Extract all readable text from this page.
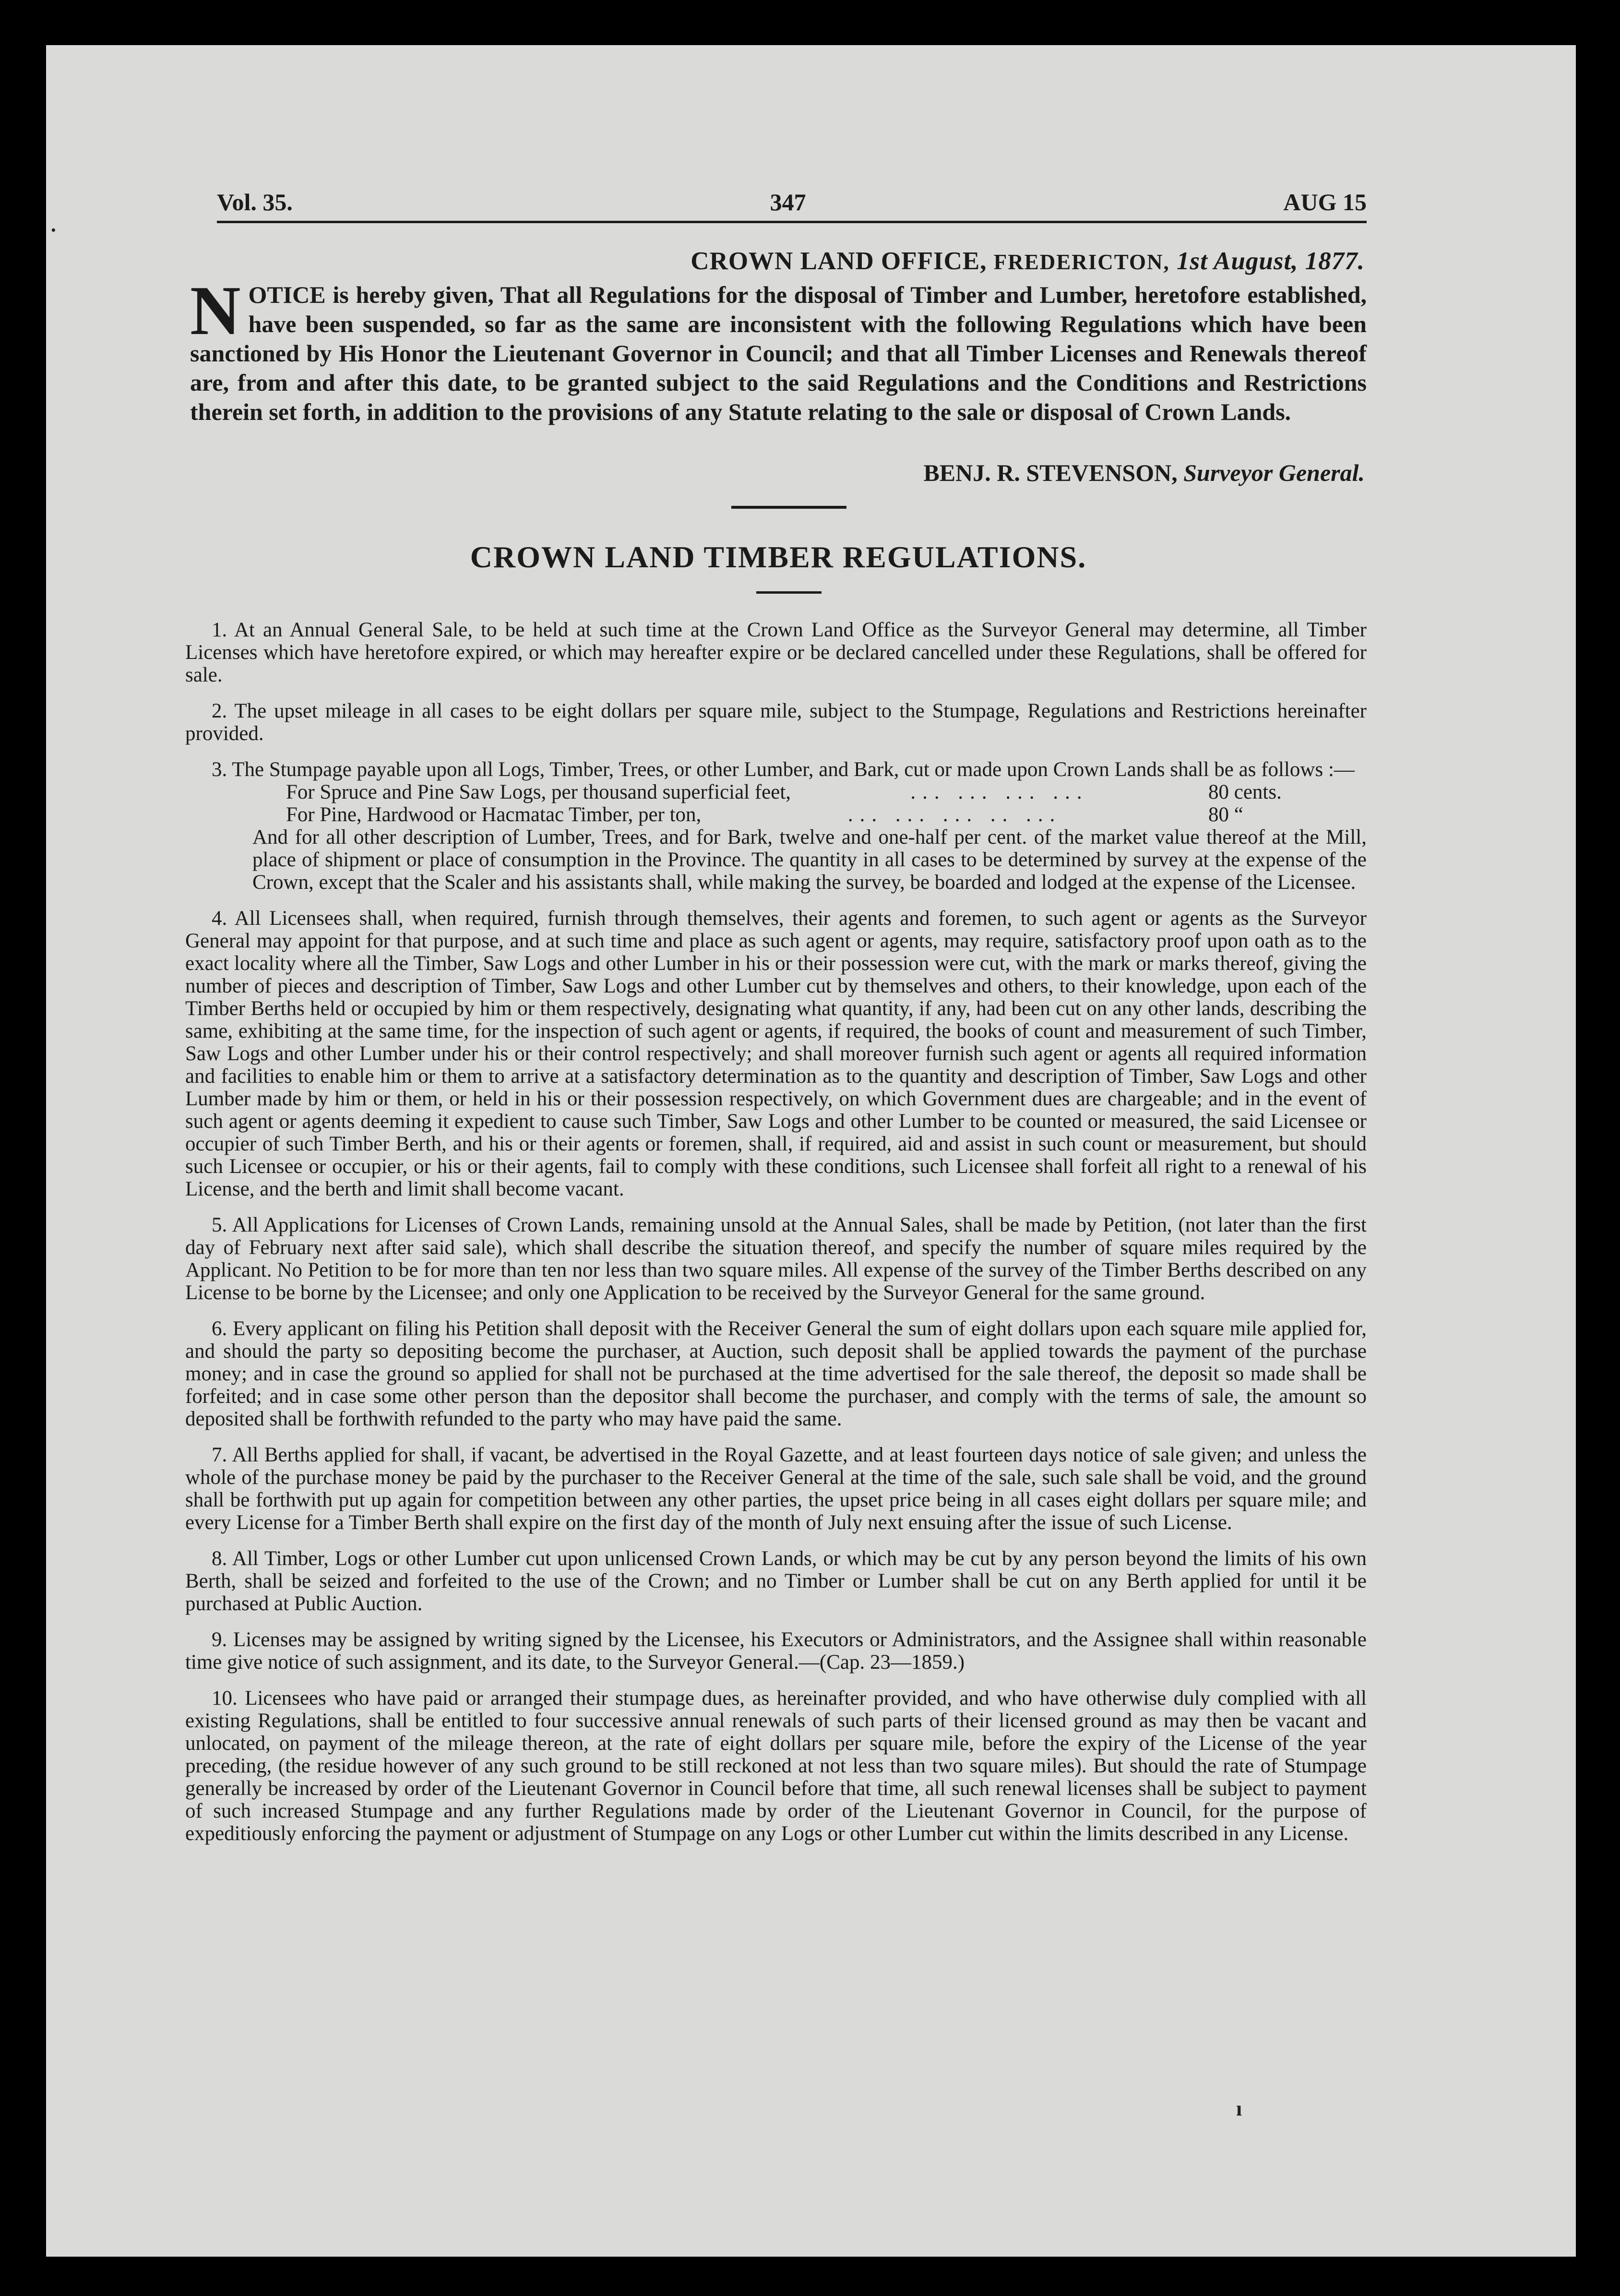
Vol. 35.	347	AUG 15
CROWN LAND OFFICE, FREDERICTON, 1st August, 1877.
NOTICE is hereby given, That all Regulations for the disposal of Timber and Lumber, heretofore established, have been suspended, so far as the same are inconsistent with the following Regulations which have been sanctioned by His Honor the Lieutenant Governor in Council; and that all Timber Licenses and Renewals thereof are, from and after this date, to be granted subject to the said Regulations and the Conditions and Restrictions therein set forth, in addition to the provisions of any Statute relating to the sale or disposal of Crown Lands.
BENJ. R. STEVENSON, Surveyor General.
CROWN LAND TIMBER REGULATIONS.

1. At an Annual General Sale, to be held at such time at the Crown Land Office as the Surveyor General may determine, all Timber Licenses which have heretofore expired, or which may hereafter expire or be declared cancelled under these Regulations, shall be offered for sale.

2. The upset mileage in all cases to be eight dollars per square mile, subject to the Stumpage, Regulations and Restrictions hereinafter provided.

3. The Stumpage payable upon all Logs, Timber, Trees, or other Lumber, and Bark, cut or made upon Crown Lands shall be as follows :—

For Spruce and Pine Saw Logs, per thousand superficial feet,	... ... ... ...	80 cents.
For Pine, Hardwood or Hacmatac Timber, per ton,	... ... ... .. ...	80 “
And for all other description of Lumber, Trees, and for Bark, twelve and one-half per cent. of the market value thereof at the Mill, place of shipment or place of consumption in the Province. The quantity in all cases to be determined by survey at the expense of the Crown, except that the Scaler and his assistants shall, while making the survey, be boarded and lodged at the expense of the Licensee.

4. All Licensees shall, when required, furnish through themselves, their agents and foremen, to such agent or agents as the Surveyor General may appoint for that purpose, and at such time and place as such agent or agents, may require, satisfactory proof upon oath as to the exact locality where all the Timber, Saw Logs and other Lumber in his or their possession were cut, with the mark or marks thereof, giving the number of pieces and description of Timber, Saw Logs and other Lumber cut by themselves and others, to their knowledge, upon each of the Timber Berths held or occupied by him or them respectively, designating what quantity, if any, had been cut on any other lands, describing the same, exhibiting at the same time, for the inspection of such agent or agents, if required, the books of count and measurement of such Timber, Saw Logs and other Lumber under his or their control respectively; and shall moreover furnish such agent or agents all required information and facilities to enable him or them to arrive at a satisfactory determination as to the quantity and description of Timber, Saw Logs and other Lumber made by him or them, or held in his or their possession respectively, on which Government dues are chargeable; and in the event of such agent or agents deeming it expedient to cause such Timber, Saw Logs and other Lumber to be counted or measured, the said Licensee or occupier of such Timber Berth, and his or their agents or foremen, shall, if required, aid and assist in such count or measurement, but should such Licensee or occupier, or his or their agents, fail to comply with these conditions, such Licensee shall forfeit all right to a renewal of his License, and the berth and limit shall become vacant.

5. All Applications for Licenses of Crown Lands, remaining unsold at the Annual Sales, shall be made by Petition, (not later than the first day of February next after said sale), which shall describe the situation thereof, and specify the number of square miles required by the Applicant. No Petition to be for more than ten nor less than two square miles. All expense of the survey of the Timber Berths described on any License to be borne by the Licensee; and only one Application to be received by the Surveyor General for the same ground.

6. Every applicant on filing his Petition shall deposit with the Receiver General the sum of eight dollars upon each square mile applied for, and should the party so depositing become the purchaser, at Auction, such deposit shall be applied towards the payment of the purchase money; and in case the ground so applied for shall not be purchased at the time advertised for the sale thereof, the deposit so made shall be forfeited; and in case some other person than the depositor shall become the purchaser, and comply with the terms of sale, the amount so deposited shall be forthwith refunded to the party who may have paid the same.

7. All Berths applied for shall, if vacant, be advertised in the Royal Gazette, and at least fourteen days notice of sale given; and unless the whole of the purchase money be paid by the purchaser to the Receiver General at the time of the sale, such sale shall be void, and the ground shall be forthwith put up again for competition between any other parties, the upset price being in all cases eight dollars per square mile; and every License for a Timber Berth shall expire on the first day of the month of July next ensuing after the issue of such License.

8. All Timber, Logs or other Lumber cut upon unlicensed Crown Lands, or which may be cut by any person beyond the limits of his own Berth, shall be seized and forfeited to the use of the Crown; and no Timber or Lumber shall be cut on any Berth applied for until it be purchased at Public Auction.

9. Licenses may be assigned by writing signed by the Licensee, his Executors or Administrators, and the Assignee shall within reasonable time give notice of such assignment, and its date, to the Surveyor General.—(Cap. 23—1859.)

10. Licensees who have paid or arranged their stumpage dues, as hereinafter provided, and who have otherwise duly complied with all existing Regulations, shall be entitled to four successive annual renewals of such parts of their licensed ground as may then be vacant and unlocated, on payment of the mileage thereon, at the rate of eight dollars per square mile, before the expiry of the License of the year preceding, (the residue however of any such ground to be still reckoned at not less than two square miles). But should the rate of Stumpage generally be increased by order of the Lieutenant Governor in Council before that time, all such renewal licenses shall be subject to payment of such increased Stumpage and any further Regulations made by order of the Lieutenant Governor in Council, for the purpose of expeditiously enforcing the payment or adjustment of Stumpage on any Logs or other Lumber cut within the limits described in any License.

·
ı
